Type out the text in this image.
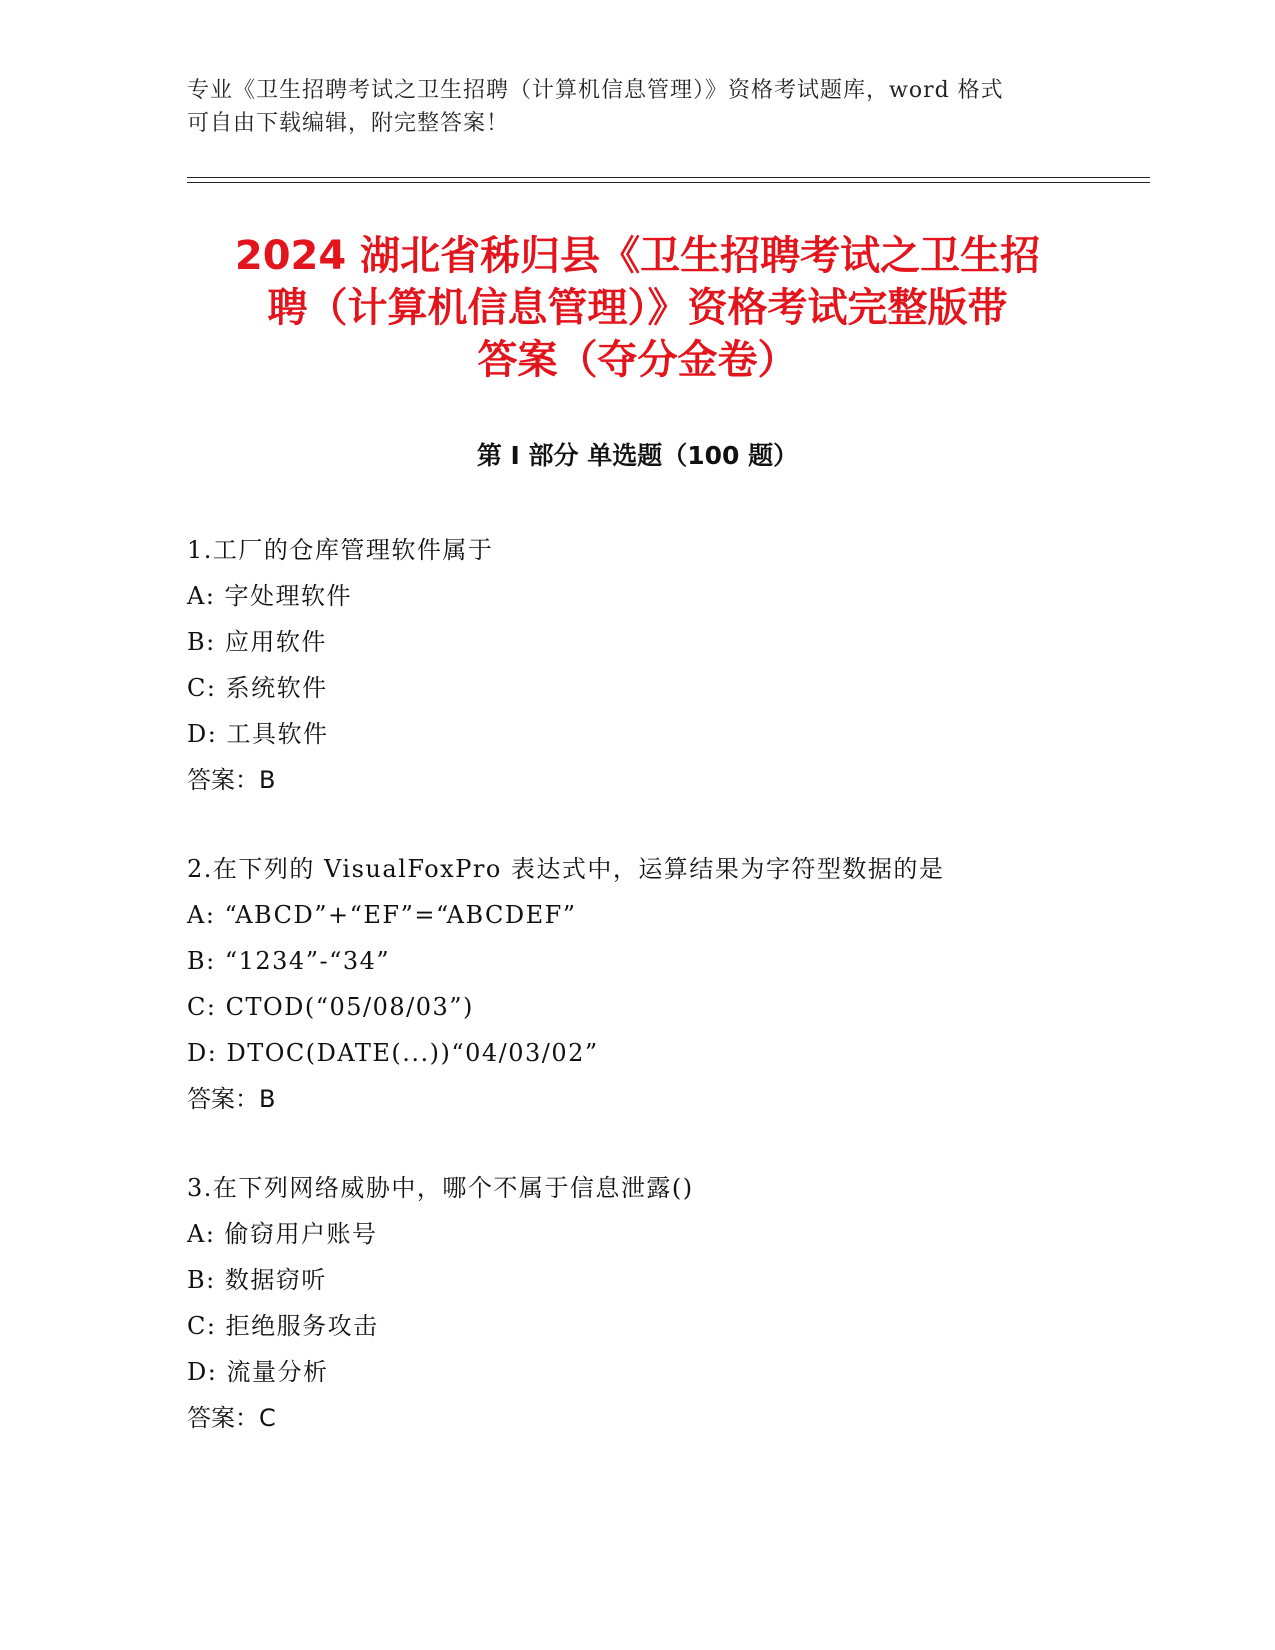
专业《卫生招聘考试之卫生招聘（计算机信息管理）》资格考试题库，word 格式
可自由下载编辑，附完整答案！
2024 湖北省秭归县《卫生招聘考试之卫生招
聘（计算机信息管理）》资格考试完整版带
答案（夺分金卷）
第 I 部分 单选题（100 题）
1.工厂的仓库管理软件属于
A: 字处理软件
B: 应用软件
C: 系统软件
D: 工具软件
答案：B
2.在下列的 VisualFoxPro 表达式中，运算结果为字符型数据的是
A: “ABCD”+“EF”=“ABCDEF”
B: “1234”-“34”
C: CTOD(“05/08/03”)
D: DTOC(DATE(...))“04/03/02”
答案：B
3.在下列网络威胁中，哪个不属于信息泄露()
A: 偷窃用户账号
B: 数据窃听
C: 拒绝服务攻击
D: 流量分析
答案：C
